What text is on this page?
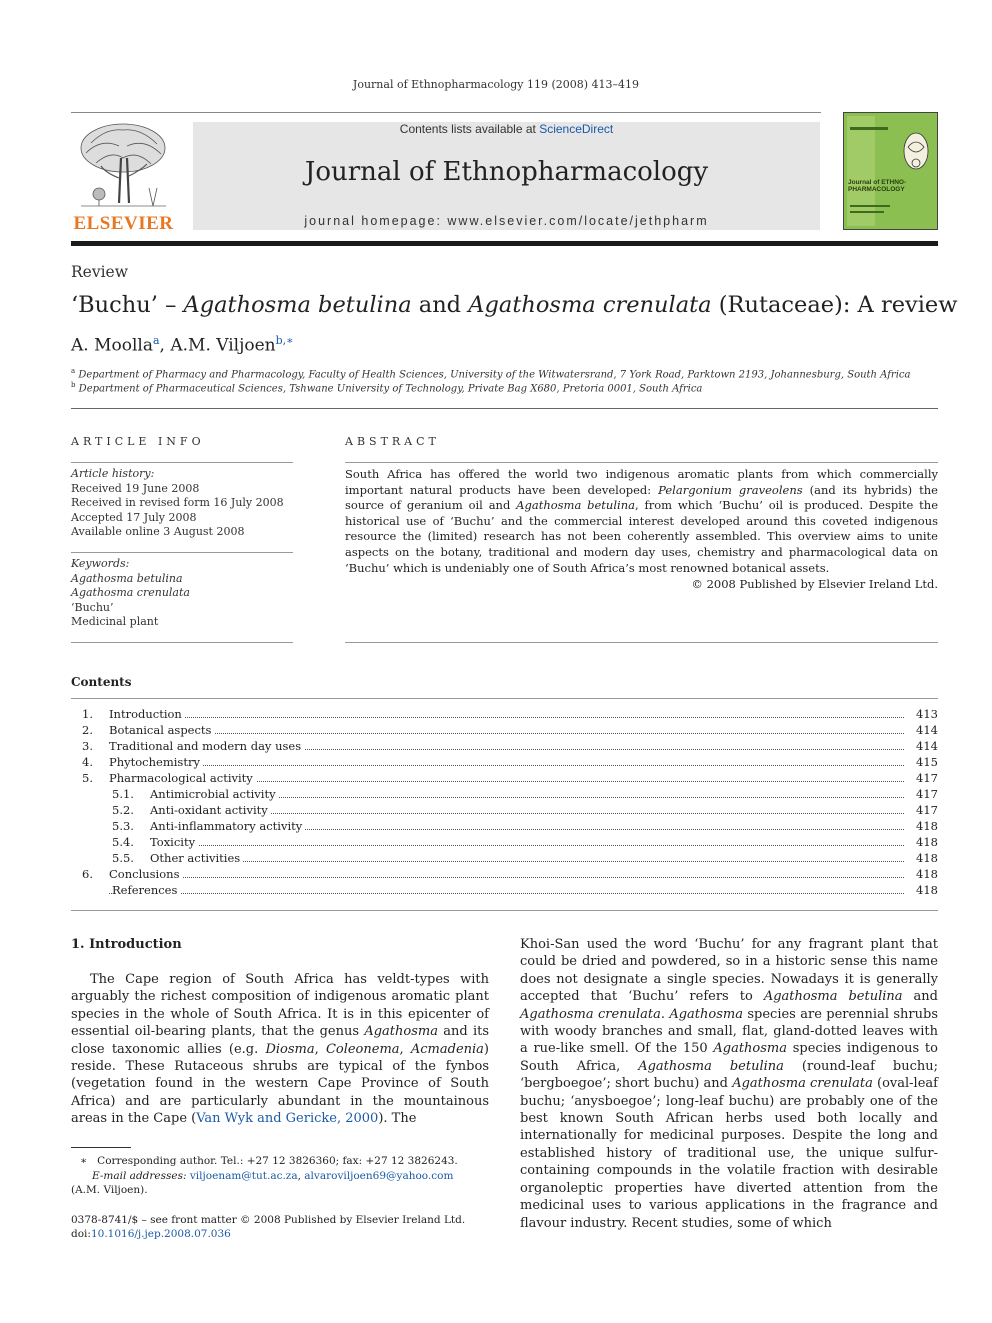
Journal of Ethnopharmacology 119 (2008) 413–419
ELSEVIER
Contents lists available at ScienceDirect
Journal of Ethnopharmacology
journal homepage: www.elsevier.com/locate/jethpharm
Journal of ETHNO-PHARMACOLOGY
Review
‘Buchu’ – Agathosma betulina and Agathosma crenulata (Rutaceae): A review
A. Moolla$^a$, A.M. Viljoen$^{b,∗}$
$^a$ Department of Pharmacy and Pharmacology, Faculty of Health Sciences, University of the Witwatersrand, 7 York Road, Parktown 2193, Johannesburg, South Africa
$^b$ Department of Pharmaceutical Sciences, Tshwane University of Technology, Private Bag X680, Pretoria 0001, South Africa
ARTICLE INFO
Article history:
Received 19 June 2008
Received in revised form 16 July 2008
Accepted 17 July 2008
Available online 3 August 2008
Keywords:
Agathosma betulina
Agathosma crenulata
‘Buchu’
Medicinal plant
ABSTRACT
South Africa has offered the world two indigenous aromatic plants from which commercially important natural products have been developed: Pelargonium graveolens (and its hybrids) the source of geranium oil and Agathosma betulina, from which ‘Buchu’ oil is produced. Despite the historical use of ‘Buchu’ and the commercial interest developed around this coveted indigenous resource the (limited) research has not been coherently assembled. This overview aims to unite aspects on the botany, traditional and modern day uses, chemistry and pharmacological data on ‘Buchu’ which is undeniably one of South Africa’s most renowned botanical assets.
© 2008 Published by Elsevier Ireland Ltd.
Contents
1. Introduction	413
2. Botanical aspects	414
3. Traditional and modern day uses	414
4. Phytochemistry	415
5. Pharmacological activity	417
5.1. Antimicrobial activity	417
5.2. Anti-oxidant activity	417
5.3. Anti-inflammatory activity	418
5.4. Toxicity	418
5.5. Other activities	418
6. Conclusions	418
References	418
1. Introduction
The Cape region of South Africa has veldt-types with arguably the richest composition of indigenous aromatic plant species in the whole of South Africa. It is in this epicenter of essential oil-bearing plants, that the genus Agathosma and its close taxonomic allies (e.g. Diosma, Coleonema, Acmadenia) reside. These Rutaceous shrubs are typical of the fynbos (vegetation found in the western Cape Province of South Africa) and are particularly abundant in the mountainous areas in the Cape (Van Wyk and Gericke, 2000). The
Khoi-San used the word ‘Buchu’ for any fragrant plant that could be dried and powdered, so in a historic sense this name does not designate a single species. Nowadays it is generally accepted that ‘Buchu’ refers to Agathosma betulina and Agathosma crenulata. Agathosma species are perennial shrubs with woody branches and small, flat, gland-dotted leaves with a rue-like smell. Of the 150 Agathosma species indigenous to South Africa, Agathosma betulina (round-leaf buchu; ‘bergboegoe’; short buchu) and Agathosma crenulata (oval-leaf buchu; ‘anysboegoe’; long-leaf buchu) are probably one of the best known South African herbs used both locally and internationally for medicinal purposes. Despite the long and established history of traditional use, the unique sulfur-containing compounds in the volatile fraction with desirable organoleptic properties have diverted attention from the medicinal uses to various applications in the fragrance and flavour industry. Recent studies, some of which
∗ Corresponding author. Tel.: +27 12 3826360; fax: +27 12 3826243.
E-mail addresses: viljoenam@tut.ac.za, alvaroviljoen69@yahoo.com
(A.M. Viljoen).
0378-8741/$ – see front matter © 2008 Published by Elsevier Ireland Ltd.
doi:10.1016/j.jep.2008.07.036
